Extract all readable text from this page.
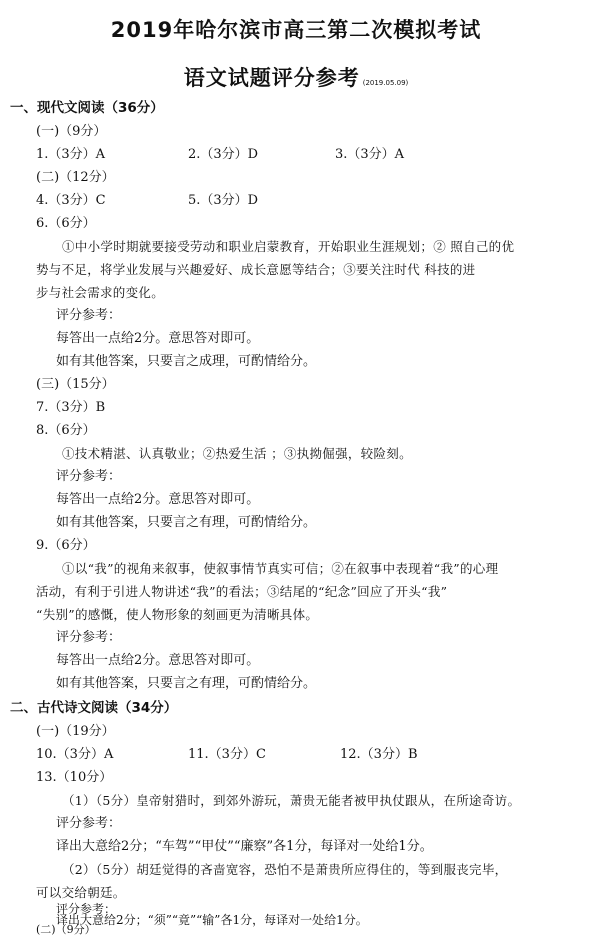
2019年哈尔滨市高三第二次模拟考试
语文试题评分参考 (2019.05.09)
一、现代文阅读（36分）
(一)（9分）
1.（3分）A	2.（3分）D	3.（3分）A
(二)（12分）
4.（3分）C	5.（3分）D
6.（6分）
①中小学时期就要接受劳动和职业启蒙教育，开始职业生涯规划；② 照自己的优
势与不足，将学业发展与兴趣爱好、成长意愿等结合；③要关注时代 科技的进
步与社会需求的变化。
评分参考：
每答出一点给2分。意思答对即可。
如有其他答案，只要言之成理，可酌情给分。
(三)（15分）
7.（3分）B
8.（6分）
①技术精湛、认真敬业；②热爱生活 ；③执拗倔强，较险刻。
评分参考：
每答出一点给2分。意思答对即可。
如有其他答案，只要言之有理，可酌情给分。
9.（6分）
①以“我”的视角来叙事，使叙事情节真实可信；②在叙事中表现着“我”的心理
活动，有利于引进人物讲述“我”的看法；③结尾的“纪念”回应了开头“我”
“失别”的感慨，使人物形象的刻画更为清晰具体。
评分参考：
每答出一点给2分。意思答对即可。
如有其他答案，只要言之有理，可酌情给分。
二、古代诗文阅读（34分）
(一)（19分）
10.（3分）A	11.（3分）C	12.（3分）B
13.（10分）
（1）（5分）皇帝射猎时，到郊外游玩，萧贵无能者被甲执仗跟从，在所途奇访。
评分参考：
译出大意给2分；“车驾”“甲仗”“廉察”各1分，每译对一处给1分。
（2）（5分）胡廷觉得的吝啬宽容，恐怕不是萧贵所应得住的，等到服丧完毕，
可以交给朝廷。
评分参考：
译出大意给2分；“须”“竟”“输”各1分，每译对一处给1分。
(二)（9分）
